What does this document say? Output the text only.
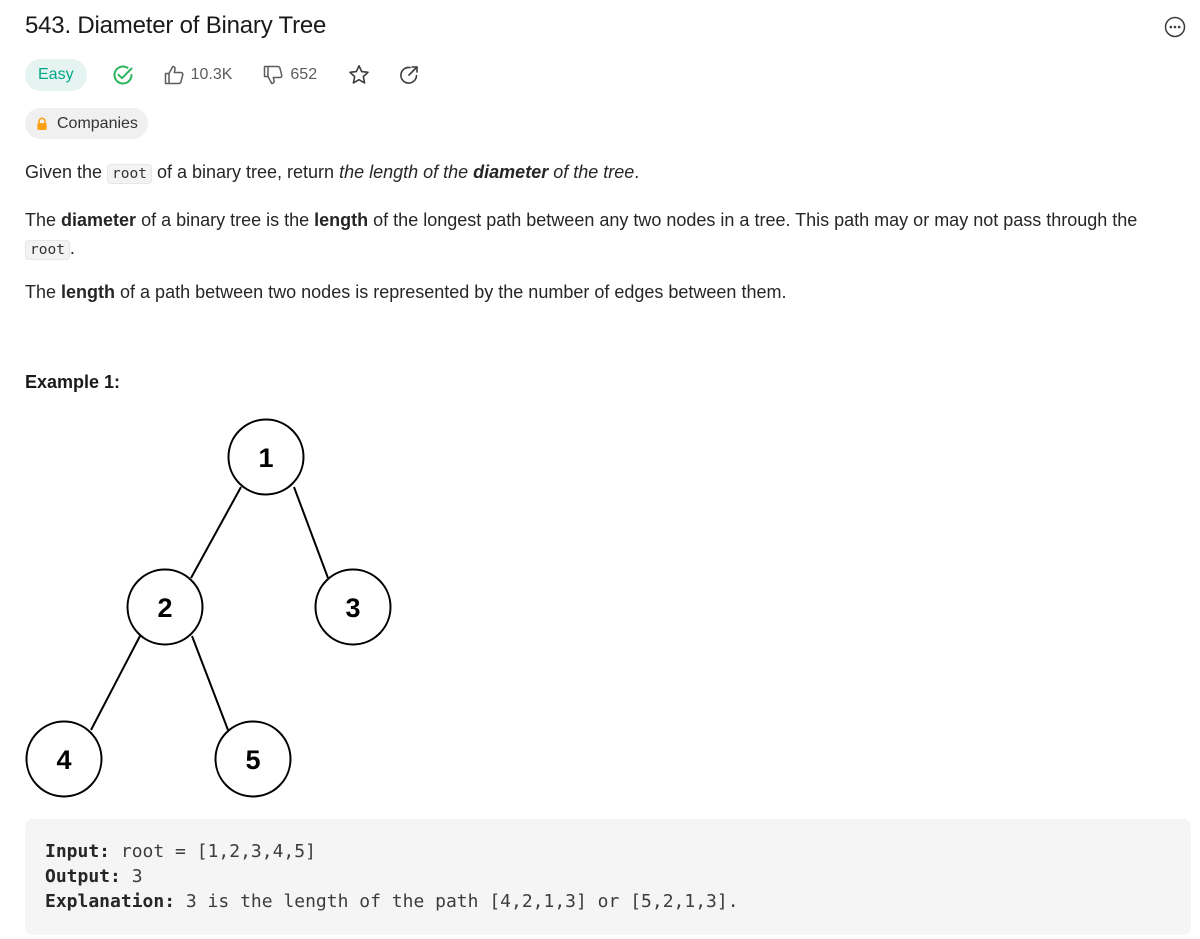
543. Diameter of Binary Tree
Easy	10.3K	652
Companies
Given the root of a binary tree, return the length of the diameter of the tree.
The diameter of a binary tree is the length of the longest path between any two nodes in a tree. This path may or may not pass through the root .
The length of a path between two nodes is represented by the number of edges between them.
Example 1:
1
2	3
4	5
Input: root = [1,2,3,4,5]
Output: 3
Explanation: 3 is the length of the path [4,2,1,3] or [5,2,1,3].
